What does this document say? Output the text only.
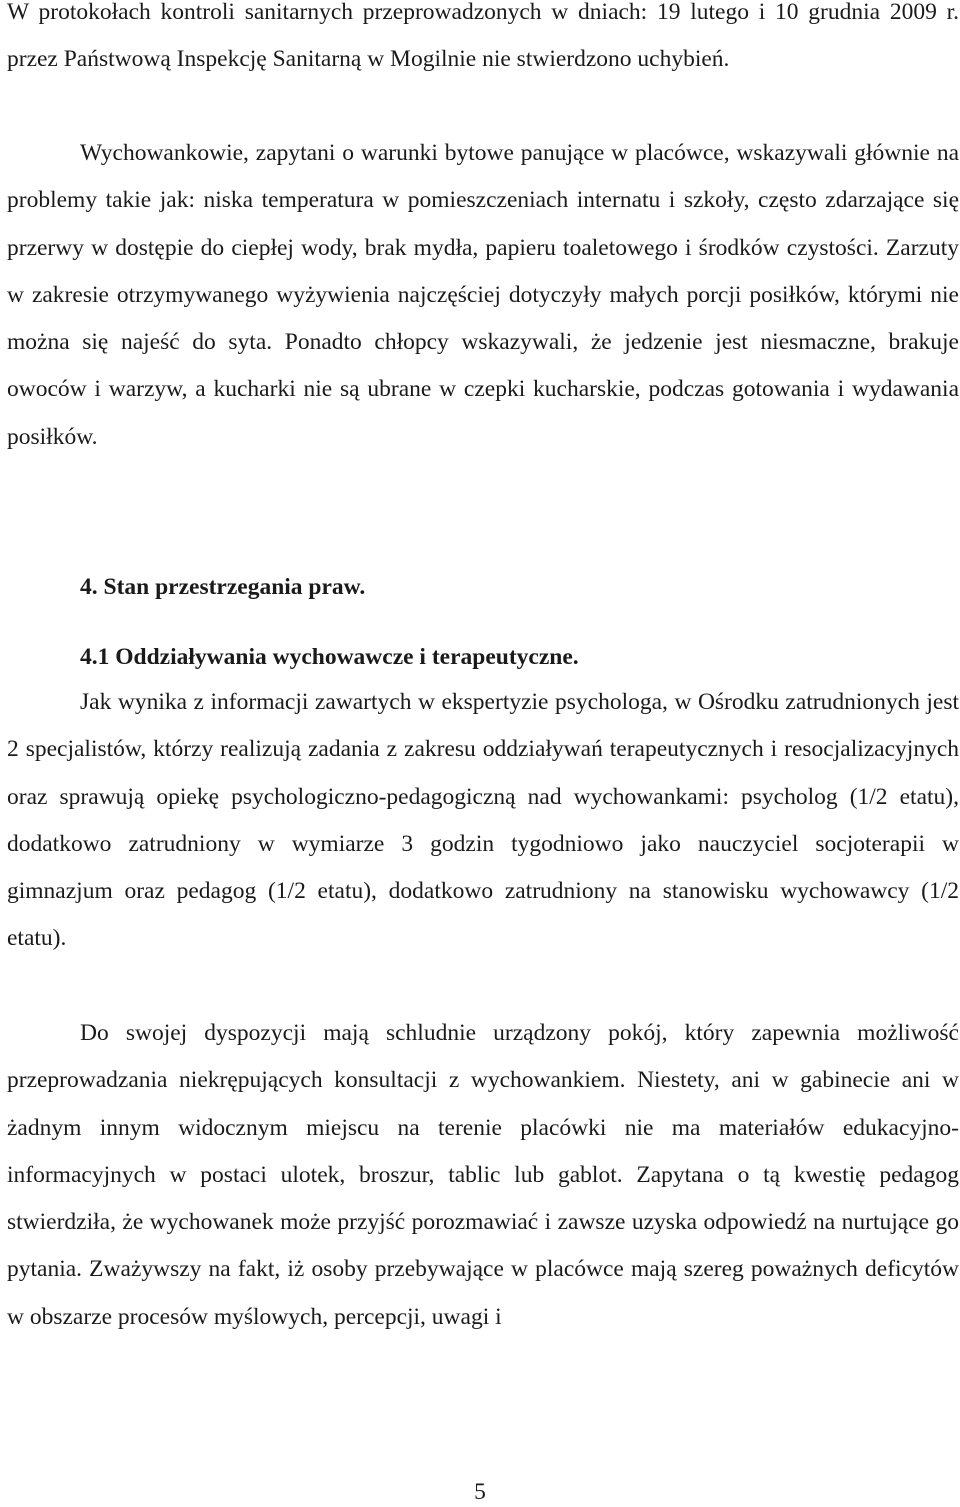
W protokołach kontroli sanitarnych przeprowadzonych w dniach: 19 lutego i 10 grudnia 2009 r. przez Państwową Inspekcję Sanitarną w Mogilnie nie stwierdzono uchybień.

Wychowankowie, zapytani o warunki bytowe panujące w placówce, wskazywali głównie na problemy takie jak: niska temperatura w pomieszczeniach internatu i szkoły, często zdarzające się przerwy w dostępie do ciepłej wody, brak mydła, papieru toaletowego i środków czystości. Zarzuty w zakresie otrzymywanego wyżywienia najczęściej dotyczyły małych porcji posiłków, którymi nie można się najeść do syta. Ponadto chłopcy wskazywali, że jedzenie jest niesmaczne, brakuje owoców i warzyw, a kucharki nie są ubrane w czepki kucharskie, podczas gotowania i wydawania posiłków.

4. Stan przestrzegania praw.
4.1 Oddziaływania wychowawcze i terapeutyczne.

Jak wynika z informacji zawartych w ekspertyzie psychologa, w Ośrodku zatrudnionych jest 2 specjalistów, którzy realizują zadania z zakresu oddziaływań terapeutycznych i resocjalizacyjnych oraz sprawują opiekę psychologiczno-pedagogiczną nad wychowankami: psycholog (1/2 etatu), dodatkowo zatrudniony w wymiarze 3 godzin tygodniowo jako nauczyciel socjoterapii w gimnazjum oraz pedagog (1/2 etatu), dodatkowo zatrudniony na stanowisku wychowawcy (1/2 etatu).

Do swojej dyspozycji mają schludnie urządzony pokój, który zapewnia możliwość przeprowadzania niekrępujących konsultacji z wychowankiem. Niestety, ani w gabinecie ani w żadnym innym widocznym miejscu na terenie placówki nie ma materiałów edukacyjno-informacyjnych w postaci ulotek, broszur, tablic lub gablot. Zapytana o tą kwestię pedagog stwierdziła, że wychowanek może przyjść porozmawiać i zawsze uzyska odpowiedź na nurtujące go pytania. Zważywszy na fakt, iż osoby przebywające w placówce mają szereg poważnych deficytów w obszarze procesów myślowych, percepcji, uwagi i

5
